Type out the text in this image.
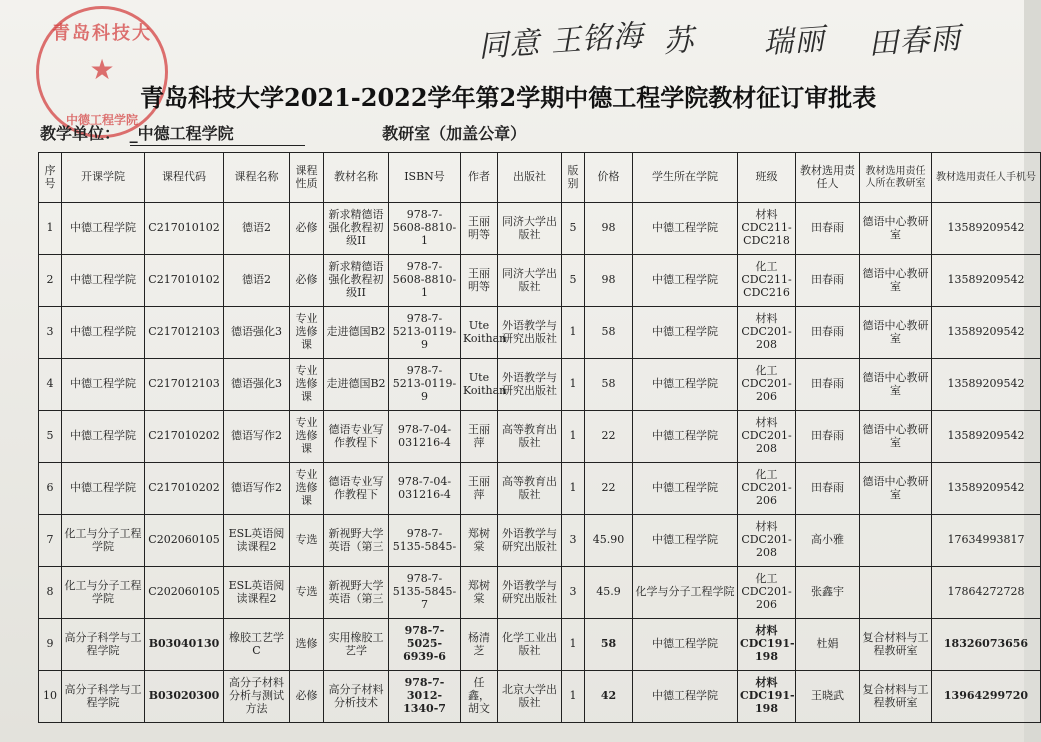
青岛科技大
★
中德工程学院
同意 王铭海 苏 瑞丽 田春雨
青岛科技大学2021-2022学年第2学期中德工程学院教材征订审批表
教学单位： _中德工程学院	教研室（加盖公章）
序号	开课学院	课程代码	课程名称	课程性质	教材名称	ISBN号	作者	出版社	版别	价格	学生所在学院	班级	教材选用责任人	教材选用责任人所在教研室	教材选用责任人手机号
1	中德工程学院	C217010102	德语2	必修	新求精德语强化教程初级II	978-7-5608-8810-1	王丽明等	同济大学出版社	5	98	中德工程学院	材料CDC211-CDC218	田春雨	德语中心教研室	13589209542
2	中德工程学院	C217010102	德语2	必修	新求精德语强化教程初级II	978-7-5608-8810-1	王丽明等	同济大学出版社	5	98	中德工程学院	化工CDC211-CDC216	田春雨	德语中心教研室	13589209542
3	中德工程学院	C217012103	德语强化3	专业选修课	走进德国B2	978-7-5213-0119-9	Ute Koithan	外语教学与研究出版社	1	58	中德工程学院	材料CDC201-208	田春雨	德语中心教研室	13589209542
4	中德工程学院	C217012103	德语强化3	专业选修课	走进德国B2	978-7-5213-0119-9	Ute Koithan	外语教学与研究出版社	1	58	中德工程学院	化工CDC201-206	田春雨	德语中心教研室	13589209542
5	中德工程学院	C217010202	德语写作2	专业选修课	德语专业写作教程下	978-7-04-031216-4	王丽萍	高等教育出版社	1	22	中德工程学院	材料CDC201-208	田春雨	德语中心教研室	13589209542
6	中德工程学院	C217010202	德语写作2	专业选修课	德语专业写作教程下	978-7-04-031216-4	王丽萍	高等教育出版社	1	22	中德工程学院	化工CDC201-206	田春雨	德语中心教研室	13589209542
7	化工与分子工程学院	C202060105	ESL英语阅读课程2	专选	新视野大学英语（第三	978-7-5135-5845-	郑树棠	外语教学与研究出版社	3	45.90	中德工程学院	材料CDC201-208	高小雅		17634993817
8	化工与分子工程学院	C202060105	ESL英语阅读课程2	专选	新视野大学英语（第三	978-7-5135-5845-7	郑树棠	外语教学与研究出版社	3	45.9	化学与分子工程学院	化工CDC201-206	张鑫宇		17864272728
9	高分子科学与工程学院	B03040130	橡胶工艺学C	选修	实用橡胶工艺学	978-7-5025-6939-6	杨清芝	化学工业出版社	1	58	中德工程学院	材料CDC191-198	杜娟	复合材料与工程教研室	18326073656
10	高分子科学与工程学院	B03020300	高分子材料分析与测试方法	必修	高分子材料分析技术	978-7-3012-1340-7	任鑫，胡文	北京大学出版社	1	42	中德工程学院	材料CDC191-198	王晓武	复合材料与工程教研室	13964299720
